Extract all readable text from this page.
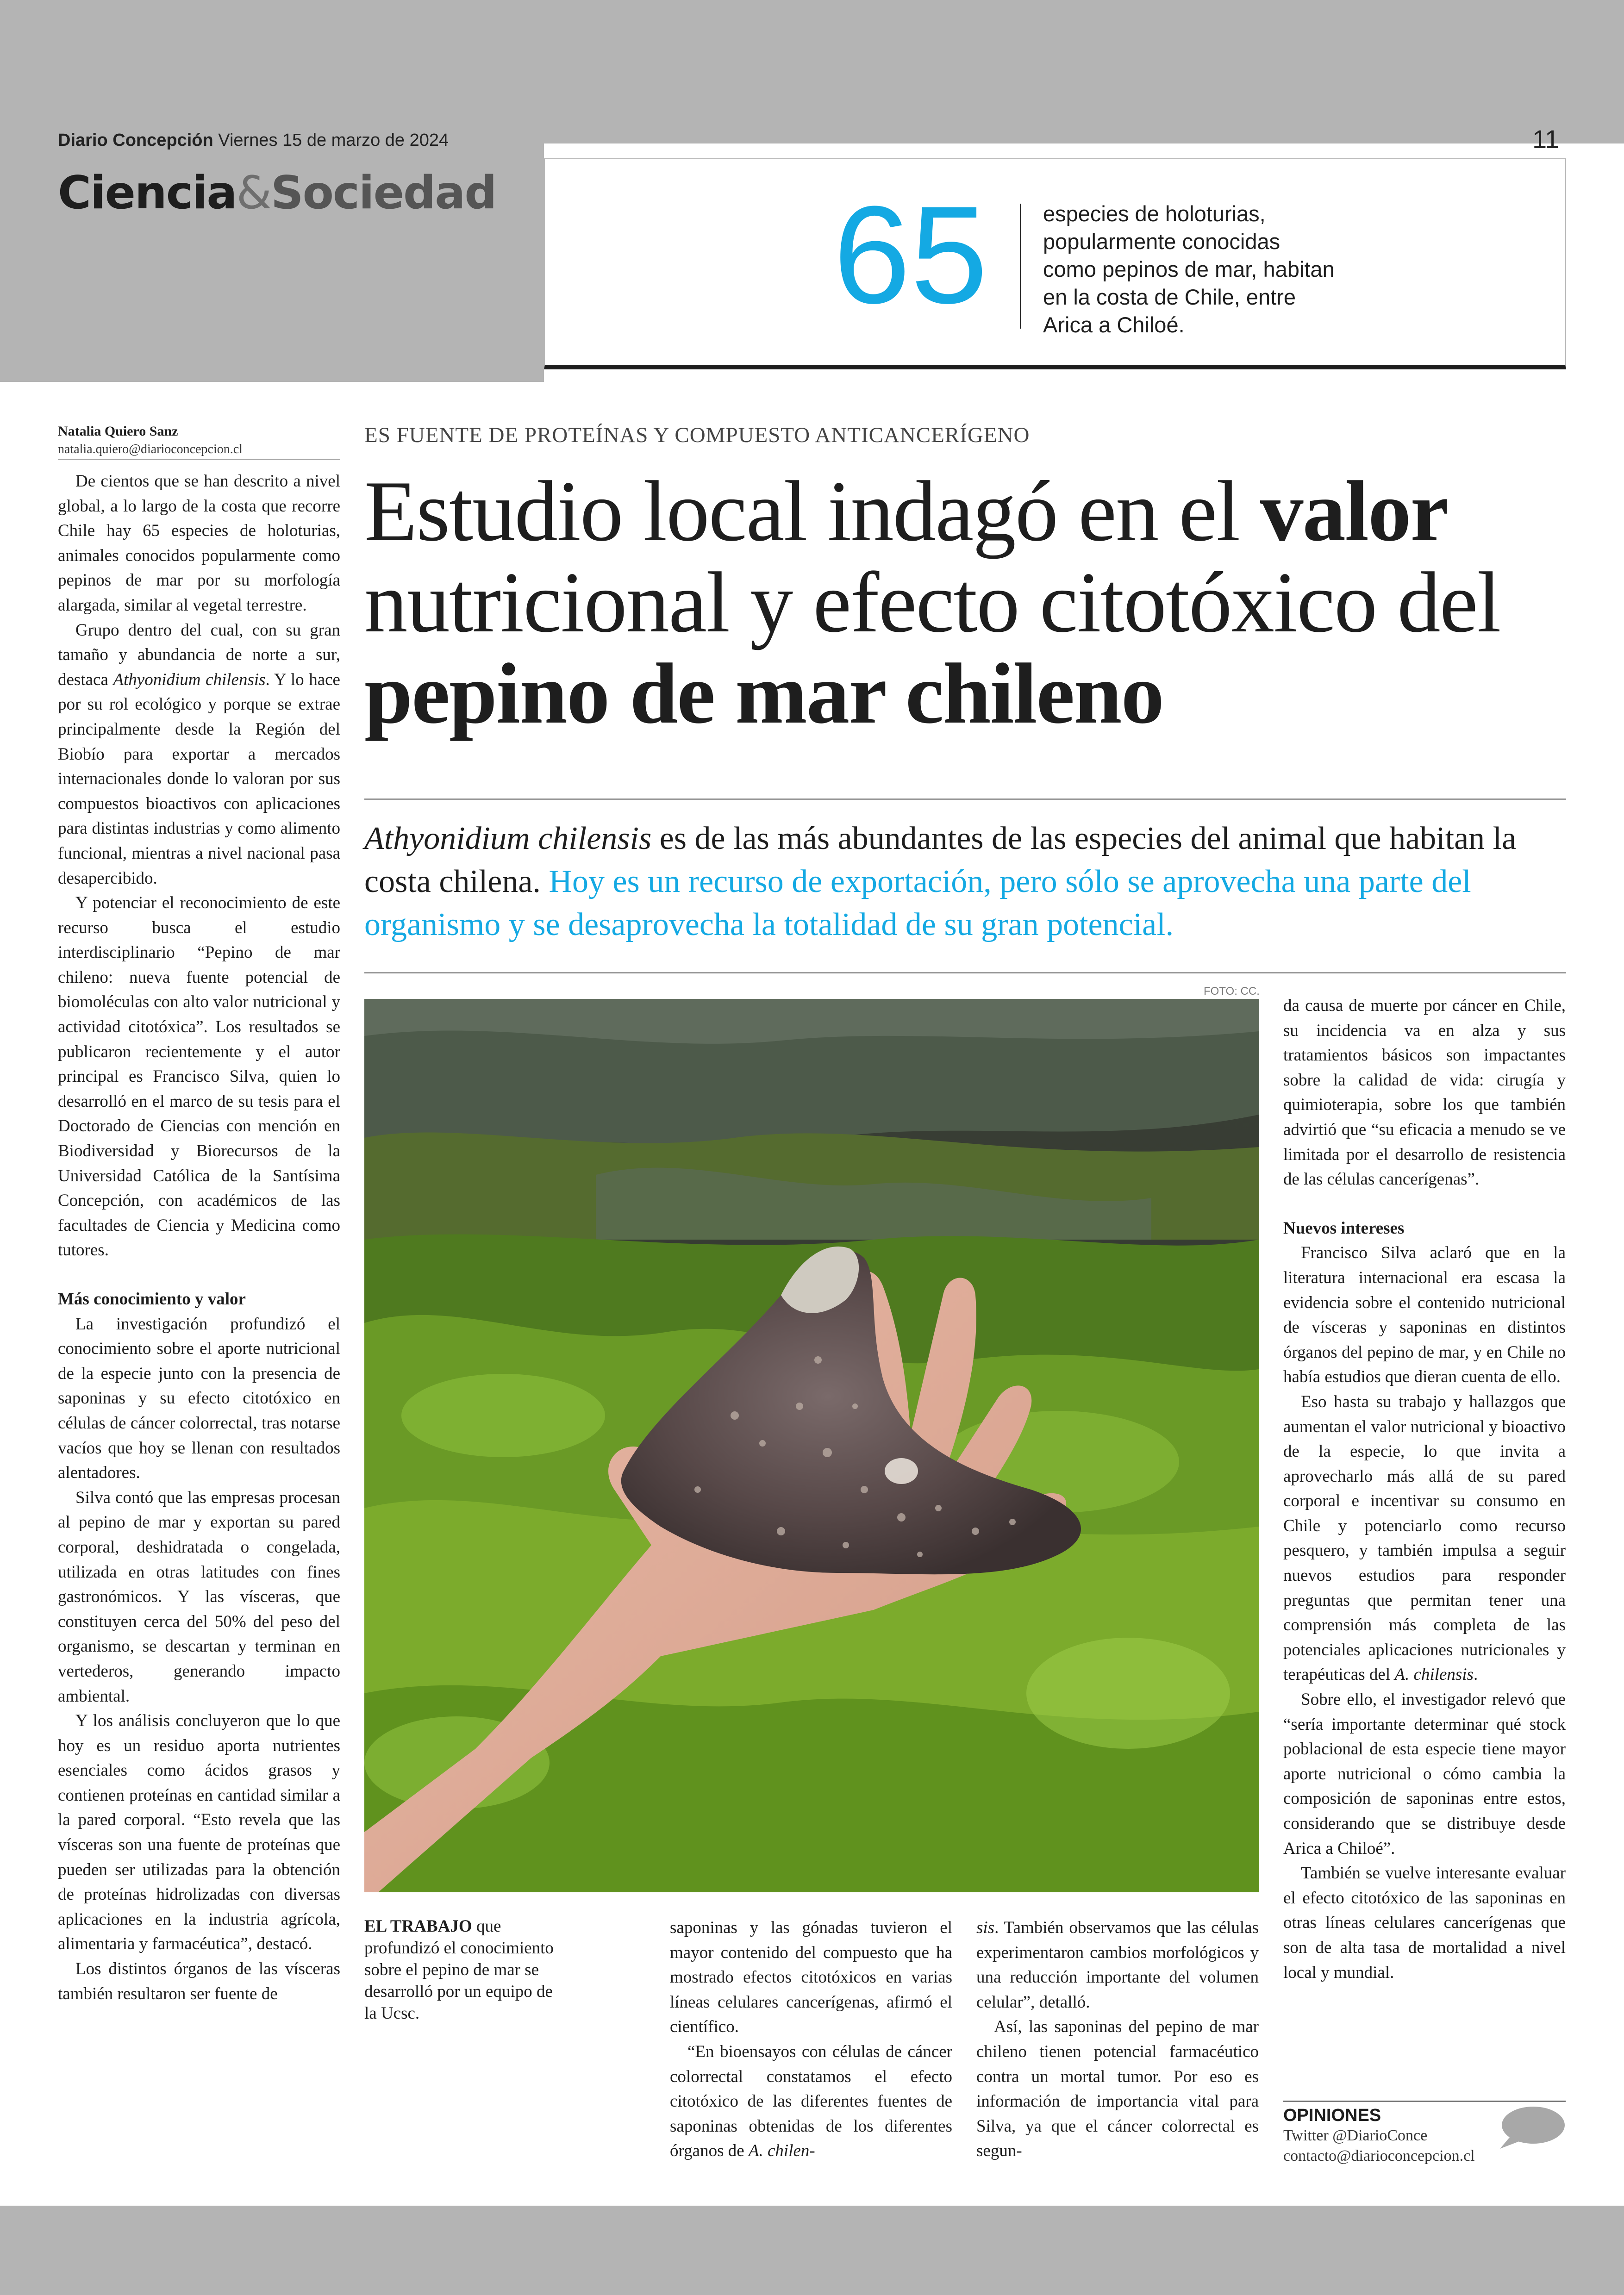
Diario Concepción Viernes 15 de marzo de 2024	11
Ciencia&Sociedad 65	especies de holoturias,
popularmente conocidas
como pepinos de mar, habitan
en la costa de Chile, entre
Arica a Chiloé.
Natalia Quiero Sanz
natalia.quiero@diarioconcepcion.cl

De cientos que se han descrito a nivel global, a lo largo de la costa que recorre Chile hay 65 especies de holoturias, animales conocidos popularmente como pepinos de mar por su morfología alargada, similar al vegetal terrestre.

Grupo dentro del cual, con su gran tamaño y abundancia de norte a sur, destaca Athyonidium chilensis. Y lo hace por su rol ecológico y porque se extrae principalmente desde la Región del Biobío para exportar a mercados internacionales donde lo valoran por sus compuestos bioactivos con aplicaciones para distintas industrias y como alimento funcional, mientras a nivel nacional pasa desapercibido.

Y potenciar el reconocimiento de este recurso busca el estudio interdisciplinario “Pepino de mar chileno: nueva fuente potencial de biomoléculas con alto valor nutricional y actividad citotóxica”. Los resultados se publicaron recientemente y el autor principal es Francisco Silva, quien lo desarrolló en el marco de su tesis para el Doctorado de Ciencias con mención en Biodiversidad y Biorecursos de la Universidad Católica de la Santísima Concepción, con académicos de las facultades de Ciencia y Medicina como tutores.

Más conocimiento y valor

La investigación profundizó el conocimiento sobre el aporte nutricional de la especie junto con la presencia de saponinas y su efecto citotóxico en células de cáncer colorrectal, tras notarse vacíos que hoy se llenan con resultados alentadores.

Silva contó que las empresas procesan al pepino de mar y exportan su pared corporal, deshidratada o congelada, utilizada en otras latitudes con fines gastronómicos. Y las vísceras, que constituyen cerca del 50% del peso del organismo, se descartan y terminan en vertederos, generando impacto ambiental.

Y los análisis concluyeron que lo que hoy es un residuo aporta nutrientes esenciales como ácidos grasos y contienen proteínas en cantidad similar a la pared corporal. “Esto revela que las vísceras son una fuente de proteínas que pueden ser utilizadas para la obtención de proteínas hidrolizadas con diversas aplicaciones en la industria agrícola, alimentaria y farmacéutica”, destacó.

Los distintos órganos de las vísceras también resultaron ser fuente de

ES FUENTE DE PROTEÍNAS Y COMPUESTO ANTICANCERÍGENO
Estudio local indagó en el valor nutricional y efecto citotóxico del pepino de mar chileno
Athyonidium chilensis es de las más abundantes de las especies del animal que habitan la costa chilena. Hoy es un recurso de exportación, pero sólo se aprovecha una parte del organismo y se desaprovecha la totalidad de su gran potencial.
FOTO: CC.
EL TRABAJO que profundizó el conocimiento sobre el pepino de mar se desarrolló por un equipo de la Ucsc.

saponinas y las gónadas tuvieron el mayor contenido del compuesto que ha mostrado efectos citotóxicos en varias líneas celulares cancerígenas, afirmó el científico.

“En bioensayos con células de cáncer colorrectal constatamos el efecto citotóxico de las diferentes fuentes de saponinas obtenidas de los diferentes órganos de A. chilen-

sis. También observamos que las células experimentaron cambios morfológicos y una reducción importante del volumen celular”, detalló.

Así, las saponinas del pepino de mar chileno tienen potencial farmacéutico contra un mortal tumor. Por eso es información de importancia vital para Silva, ya que el cáncer colorrectal es segun-

da causa de muerte por cáncer en Chile, su incidencia va en alza y sus tratamientos básicos son impactantes sobre la calidad de vida: cirugía y quimioterapia, sobre los que también advirtió que “su eficacia a menudo se ve limitada por el desarrollo de resistencia de las células cancerígenas”.

Nuevos intereses

Francisco Silva aclaró que en la literatura internacional era escasa la evidencia sobre el contenido nutricional de vísceras y saponinas en distintos órganos del pepino de mar, y en Chile no había estudios que dieran cuenta de ello.

Eso hasta su trabajo y hallazgos que aumentan el valor nutricional y bioactivo de la especie, lo que invita a aprovecharlo más allá de su pared corporal e incentivar su consumo en Chile y potenciarlo como recurso pesquero, y también impulsa a seguir nuevos estudios para responder preguntas que permitan tener una comprensión más completa de las potenciales aplicaciones nutricionales y terapéuticas del A. chilensis.

Sobre ello, el investigador relevó que “sería importante determinar qué stock poblacional de esta especie tiene mayor aporte nutricional o cómo cambia la composición de saponinas entre estos, considerando que se distribuye desde Arica a Chiloé”.

También se vuelve interesante evaluar el efecto citotóxico de las saponinas en otras líneas celulares cancerígenas que son de alta tasa de mortalidad a nivel local y mundial.

OPINIONES
Twitter @DiarioConce
contacto@diarioconcepcion.cl
